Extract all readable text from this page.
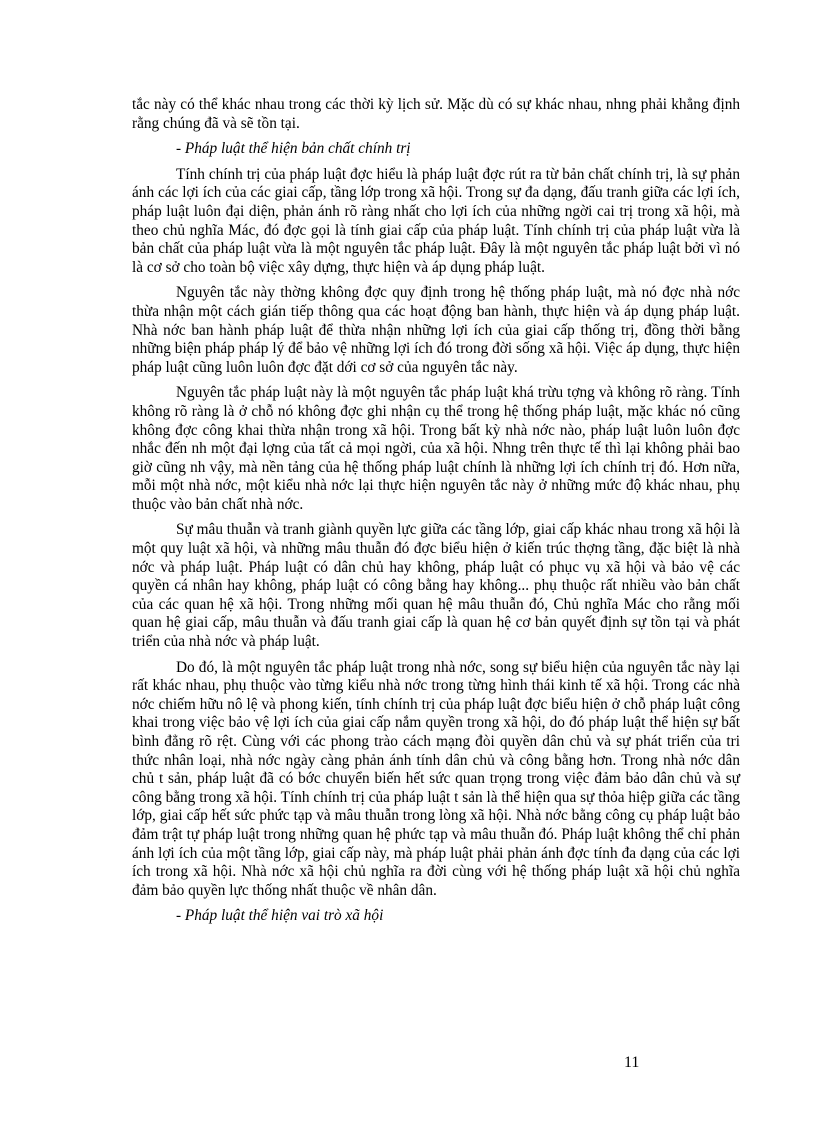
tắc này có thể khác nhau trong các thời kỳ lịch sử. Mặc dù có sự khác nhau, nhng phải khẳng định rằng chúng đã và sẽ tồn tại.

- Pháp luật thể hiện bản chất chính trị

Tính chính trị của pháp luật đợc hiểu là pháp luật đợc rút ra từ bản chất chính trị, là sự phản ánh các lợi ích của các giai cấp, tầng lớp trong xã hội. Trong sự đa dạng, đấu tranh giữa các lợi ích, pháp luật luôn đại diện, phản ánh rõ ràng nhất cho lợi ích của những ngời cai trị trong xã hội, mà theo chủ nghĩa Mác, đó đợc gọi là tính giai cấp của pháp luật. Tính chính trị của pháp luật vừa là bản chất của pháp luật vừa là một nguyên tắc pháp luật. Đây là một nguyên tắc pháp luật bởi vì nó là cơ sở cho toàn bộ việc xây dựng, thực hiện và áp dụng pháp luật.

Nguyên tắc này thờng không đợc quy định trong hệ thống pháp luật, mà nó đợc nhà nớc thừa nhận một cách gián tiếp thông qua các hoạt động ban hành, thực hiện và áp dụng pháp luật. Nhà nớc ban hành pháp luật để thừa nhận những lợi ích của giai cấp thống trị, đồng thời bằng những biện pháp pháp lý để bảo vệ những lợi ích đó trong đời sống xã hội. Việc áp dụng, thực hiện pháp luật cũng luôn luôn đợc đặt dới cơ sở của nguyên tắc này.

Nguyên tắc pháp luật này là một nguyên tắc pháp luật khá trừu tợng và không rõ ràng. Tính không rõ ràng là ở chỗ nó không đợc ghi nhận cụ thể trong hệ thống pháp luật, mặc khác nó cũng không đợc công khai thừa nhận trong xã hội. Trong bất kỳ nhà nớc nào, pháp luật luôn luôn đợc nhắc đến nh một đại lợng của tất cả mọi ngời, của xã hội. Nhng trên thực tế thì lại không phải bao giờ cũng nh vậy, mà nền tảng của hệ thống pháp luật chính là những lợi ích chính trị đó. Hơn nữa, mỗi một nhà nớc, một kiểu nhà nớc lại thực hiện nguyên tắc này ở những mức độ khác nhau, phụ thuộc vào bản chất nhà nớc.

Sự mâu thuẫn và tranh giành quyền lực giữa các tầng lớp, giai cấp khác nhau trong xã hội là một quy luật xã hội, và những mâu thuẫn đó đợc biểu hiện ở kiến trúc thợng tầng, đặc biệt là nhà nớc và pháp luật. Pháp luật có dân chủ hay không, pháp luật có phục vụ xã hội và bảo vệ các quyền cá nhân hay không, pháp luật có công bằng hay không... phụ thuộc rất nhiều vào bản chất của các quan hệ xã hội. Trong những mối quan hệ mâu thuẫn đó, Chủ nghĩa Mác cho rằng mối quan hệ giai cấp, mâu thuẫn và đấu tranh giai cấp là quan hệ cơ bản quyết định sự tồn tại và phát triển của nhà nớc và pháp luật.

Do đó, là một nguyên tắc pháp luật trong nhà nớc, song sự biểu hiện của nguyên tắc này lại rất khác nhau, phụ thuộc vào từng kiểu nhà nớc trong từng hình thái kinh tế xã hội. Trong các nhà nớc chiếm hữu nô lệ và phong kiến, tính chính trị của pháp luật đợc biểu hiện ở chỗ pháp luật công khai trong việc bảo vệ lợi ích của giai cấp nắm quyền trong xã hội, do đó pháp luật thể hiện sự bất bình đẳng rõ rệt. Cùng với các phong trào cách mạng đòi quyền dân chủ và sự phát triển của tri thức nhân loại, nhà nớc ngày càng phản ánh tính dân chủ và công bằng hơn. Trong nhà nớc dân chủ t sản, pháp luật đã có bớc chuyển biến hết sức quan trọng trong việc đảm bảo dân chủ và sự công bằng trong xã hội. Tính chính trị của pháp luật t sản là thể hiện qua sự thỏa hiệp giữa các tầng lớp, giai cấp hết sức phức tạp và mâu thuẫn trong lòng xã hội. Nhà nớc bằng công cụ pháp luật bảo đảm trật tự pháp luật trong những quan hệ phức tạp và mâu thuẫn đó. Pháp luật không thể chỉ phản ánh lợi ích của một tầng lớp, giai cấp này, mà pháp luật phải phản ánh đợc tính đa dạng của các lợi ích trong xã hội. Nhà nớc xã hội chủ nghĩa ra đời cùng với hệ thống pháp luật xã hội chủ nghĩa đảm bảo quyền lực thống nhất thuộc về nhân dân.

- Pháp luật thể hiện vai trò xã hội

11
